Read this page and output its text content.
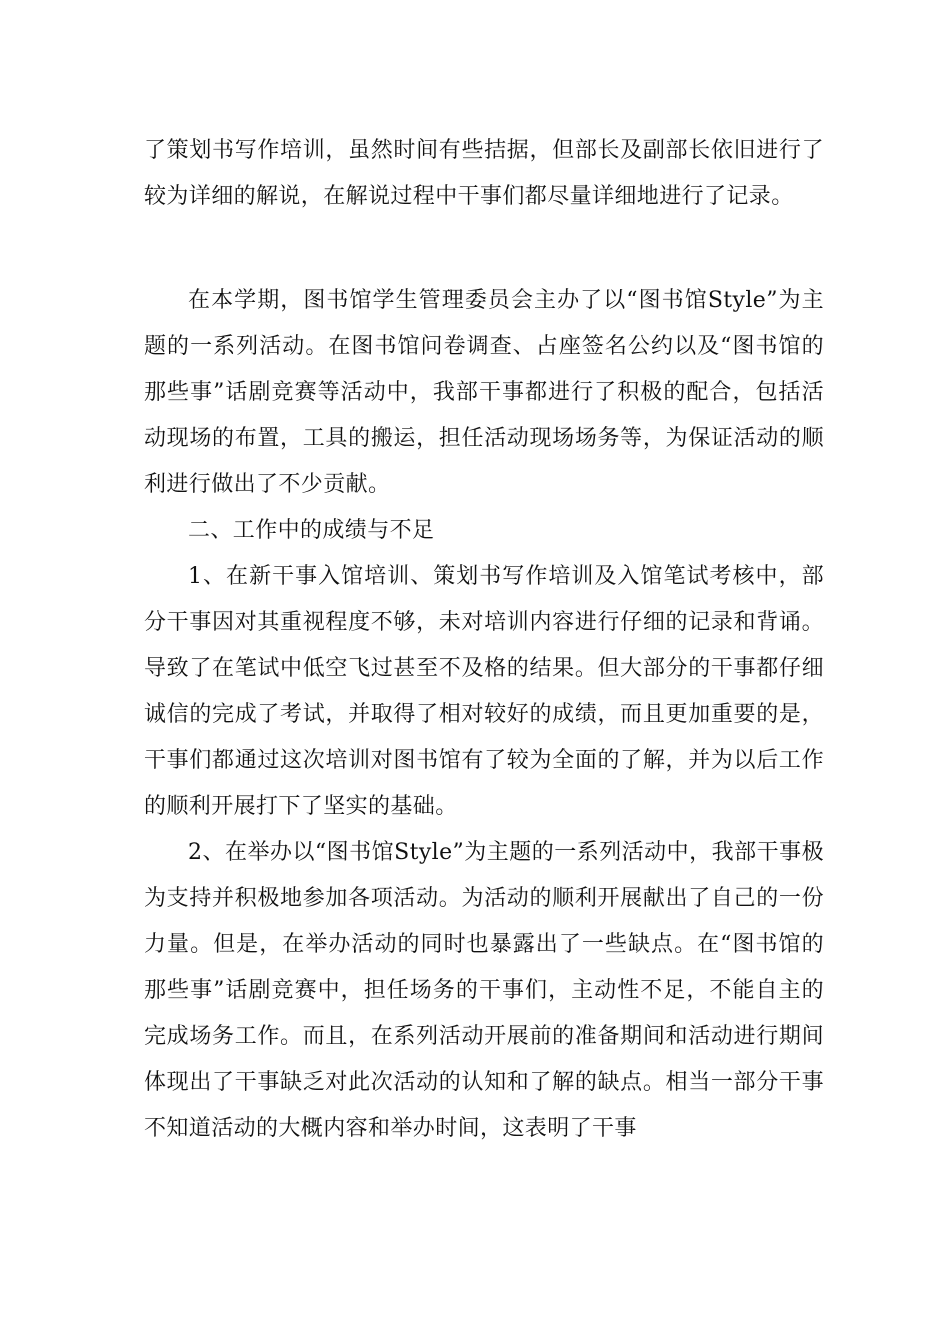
了策划书写作培训，虽然时间有些拮据，但部长及副部长依旧进行了较为详细的解说，在解说过程中干事们都尽量详细地进行了记录。

在本学期，图书馆学生管理委员会主办了以“图书馆Style”为主题的一系列活动。在图书馆问卷调查、占座签名公约以及“图书馆的那些事”话剧竞赛等活动中，我部干事都进行了积极的配合，包括活动现场的布置，工具的搬运，担任活动现场场务等，为保证活动的顺利进行做出了不少贡献。

二、工作中的成绩与不足

1、在新干事入馆培训、策划书写作培训及入馆笔试考核中，部分干事因对其重视程度不够，未对培训内容进行仔细的记录和背诵。导致了在笔试中低空飞过甚至不及格的结果。但大部分的干事都仔细诚信的完成了考试，并取得了相对较好的成绩，而且更加重要的是，干事们都通过这次培训对图书馆有了较为全面的了解，并为以后工作的顺利开展打下了坚实的基础。

2、在举办以“图书馆Style”为主题的一系列活动中，我部干事极为支持并积极地参加各项活动。为活动的顺利开展献出了自己的一份力量。但是，在举办活动的同时也暴露出了一些缺点。在“图书馆的那些事”话剧竞赛中，担任场务的干事们，主动性不足，不能自主的完成场务工作。而且，在系列活动开展前的准备期间和活动进行期间体现出了干事缺乏对此次活动的认知和了解的缺点。相当一部分干事不知道活动的大概内容和举办时间，这表明了干事
